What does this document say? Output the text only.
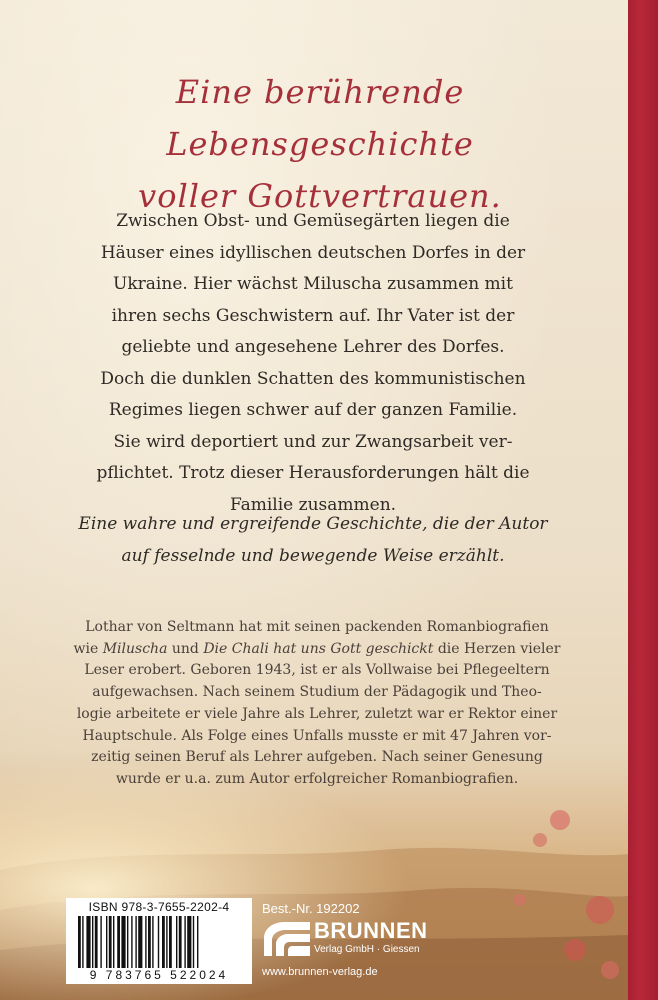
Eine berührende Lebensgeschichte
voller Gottvertrauen.

Zwischen Obst- und Gemüsegärten liegen die
Häuser eines idyllischen deutschen Dorfes in der
Ukraine. Hier wächst Miluscha zusammen mit
ihren sechs Geschwistern auf. Ihr Vater ist der
geliebte und angesehene Lehrer des Dorfes.
Doch die dunklen Schatten des kommunistischen
Regimes liegen schwer auf der ganzen Familie.
Sie wird deportiert und zur Zwangsarbeit ver-
pflichtet. Trotz dieser Herausforderungen hält die
Familie zusammen.

Eine wahre und ergreifende Geschichte, die der Autor
auf fesselnde und bewegende Weise erzählt.

Lothar von Seltmann hat mit seinen packenden Romanbiografien
wie Miluscha und Die Chali hat uns Gott geschickt die Herzen vieler
Leser erobert. Geboren 1943, ist er als Vollwaise bei Pflegeeltern
aufgewachsen. Nach seinem Studium der Pädagogik und Theo-
logie arbeitete er viele Jahre als Lehrer, zuletzt war er Rektor einer
Hauptschule. Als Folge eines Unfalls musste er mit 47 Jahren vor-
zeitig seinen Beruf als Lehrer aufgeben. Nach seiner Genesung
wurde er u.a. zum Autor erfolgreicher Romanbiografien.

ISBN 978-3-7655-2202-4
9 783765 522024
Best.-Nr. 192202
BRUNNEN
Verlag GmbH · Giessen
www.brunnen-verlag.de
